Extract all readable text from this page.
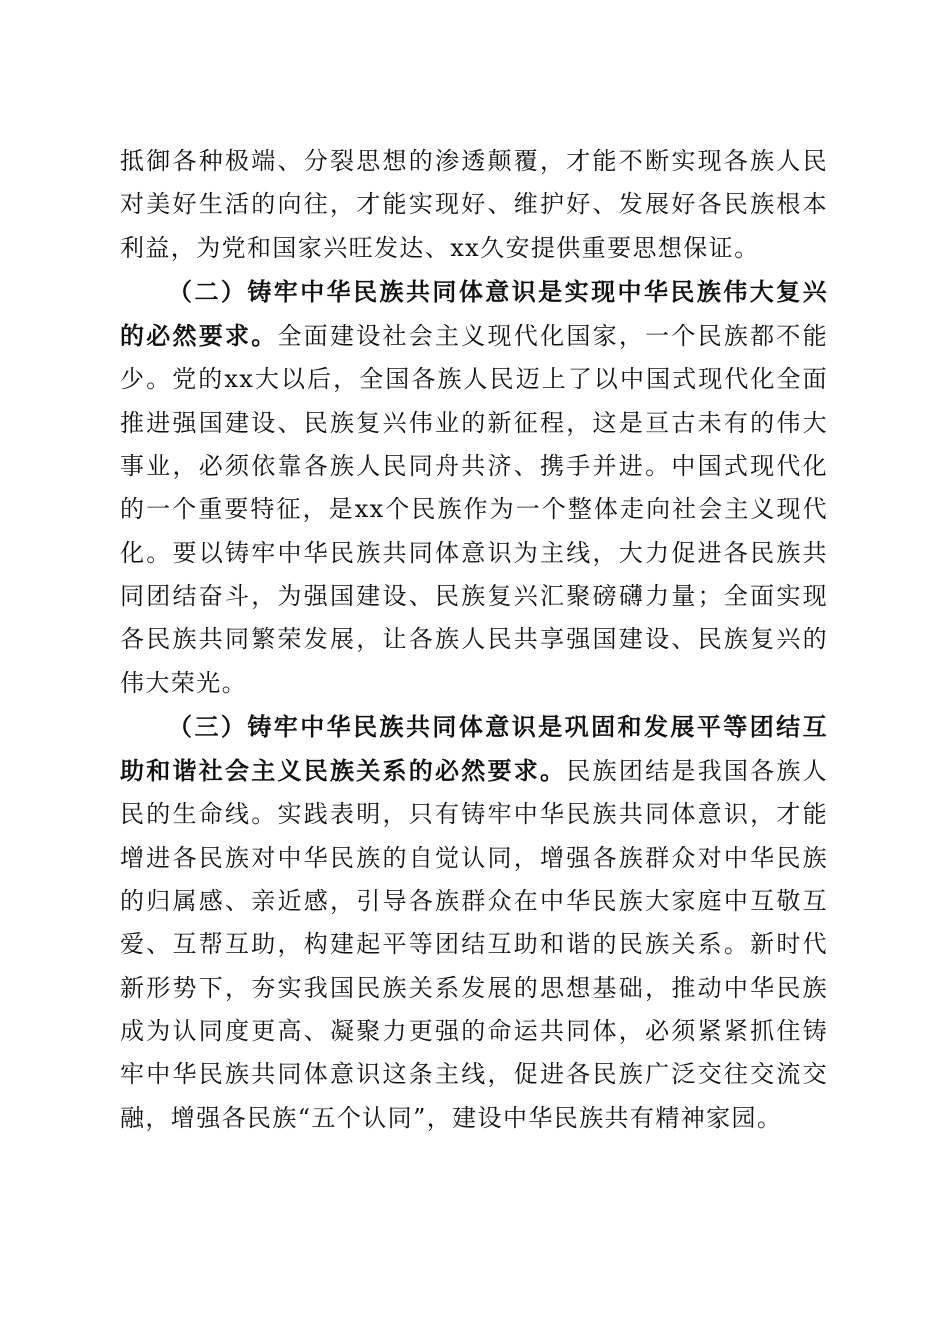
抵御各种极端、分裂思想的渗透颠覆，才能不断实现各族人民对美好生活的向往，才能实现好、维护好、发展好各民族根本利益，为党和国家兴旺发达、xx久安提供重要思想保证。

（二）铸牢中华民族共同体意识是实现中华民族伟大复兴的必然要求。全面建设社会主义现代化国家，一个民族都不能少。党的xx大以后，全国各族人民迈上了以中国式现代化全面推进强国建设、民族复兴伟业的新征程，这是亘古未有的伟大事业，必须依靠各族人民同舟共济、携手并进。中国式现代化的一个重要特征，是xx个民族作为一个整体走向社会主义现代化。要以铸牢中华民族共同体意识为主线，大力促进各民族共同团结奋斗，为强国建设、民族复兴汇聚磅礴力量；全面实现各民族共同繁荣发展，让各族人民共享强国建设、民族复兴的伟大荣光。

（三）铸牢中华民族共同体意识是巩固和发展平等团结互助和谐社会主义民族关系的必然要求。民族团结是我国各族人民的生命线。实践表明，只有铸牢中华民族共同体意识，才能增进各民族对中华民族的自觉认同，增强各族群众对中华民族的归属感、亲近感，引导各族群众在中华民族大家庭中互敬互爱、互帮互助，构建起平等团结互助和谐的民族关系。新时代新形势下，夯实我国民族关系发展的思想基础，推动中华民族成为认同度更高、凝聚力更强的命运共同体，必须紧紧抓住铸牢中华民族共同体意识这条主线，促进各民族广泛交往交流交融，增强各民族“五个认同”，建设中华民族共有精神家园。
